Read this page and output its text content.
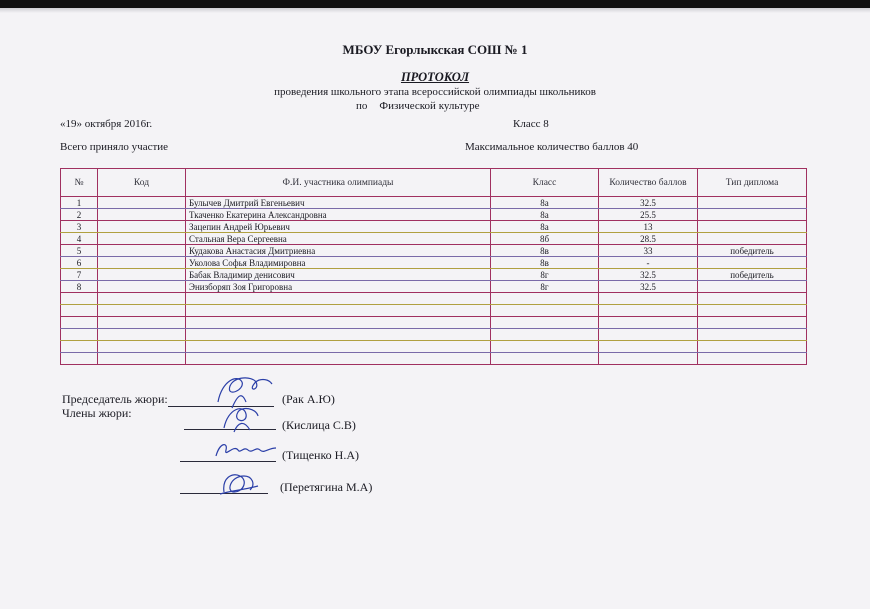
МБОУ Егорлыкская СОШ № 1
ПРОТОКОЛ
проведения школьного этапа всероссийской олимпиады школьников
по Физической культуре
«19» октября 2016г.	Класс 8
Всего приняло участие	Максимальное количество баллов 40
№	Код	Ф.И. участника олимпиады	Класс	Количество баллов	Тип диплома
1		Булычев Дмитрий Евгеньевич	8а	32.5	
2		Ткаченко Екатерина Александровна	8а	25.5	
3		Зацепин Андрей Юрьевич	8а	13	
4		Стальная Вера Сергеевна	8б	28.5	
5		Кудакова Анастасия Дмитриевна	8в	33	победитель
6		Уколова Софья Владимировна	8в	-	
7		Бабак Владимир денисович	8г	32.5	победитель
8		Энизборяп Зоя Григоровна	8г	32.5	

Председатель жюри:	(Рак А.Ю)
Члены жюри:
(Кислица С.В)
(Тищенко Н.А)
(Перетягина М.А)
